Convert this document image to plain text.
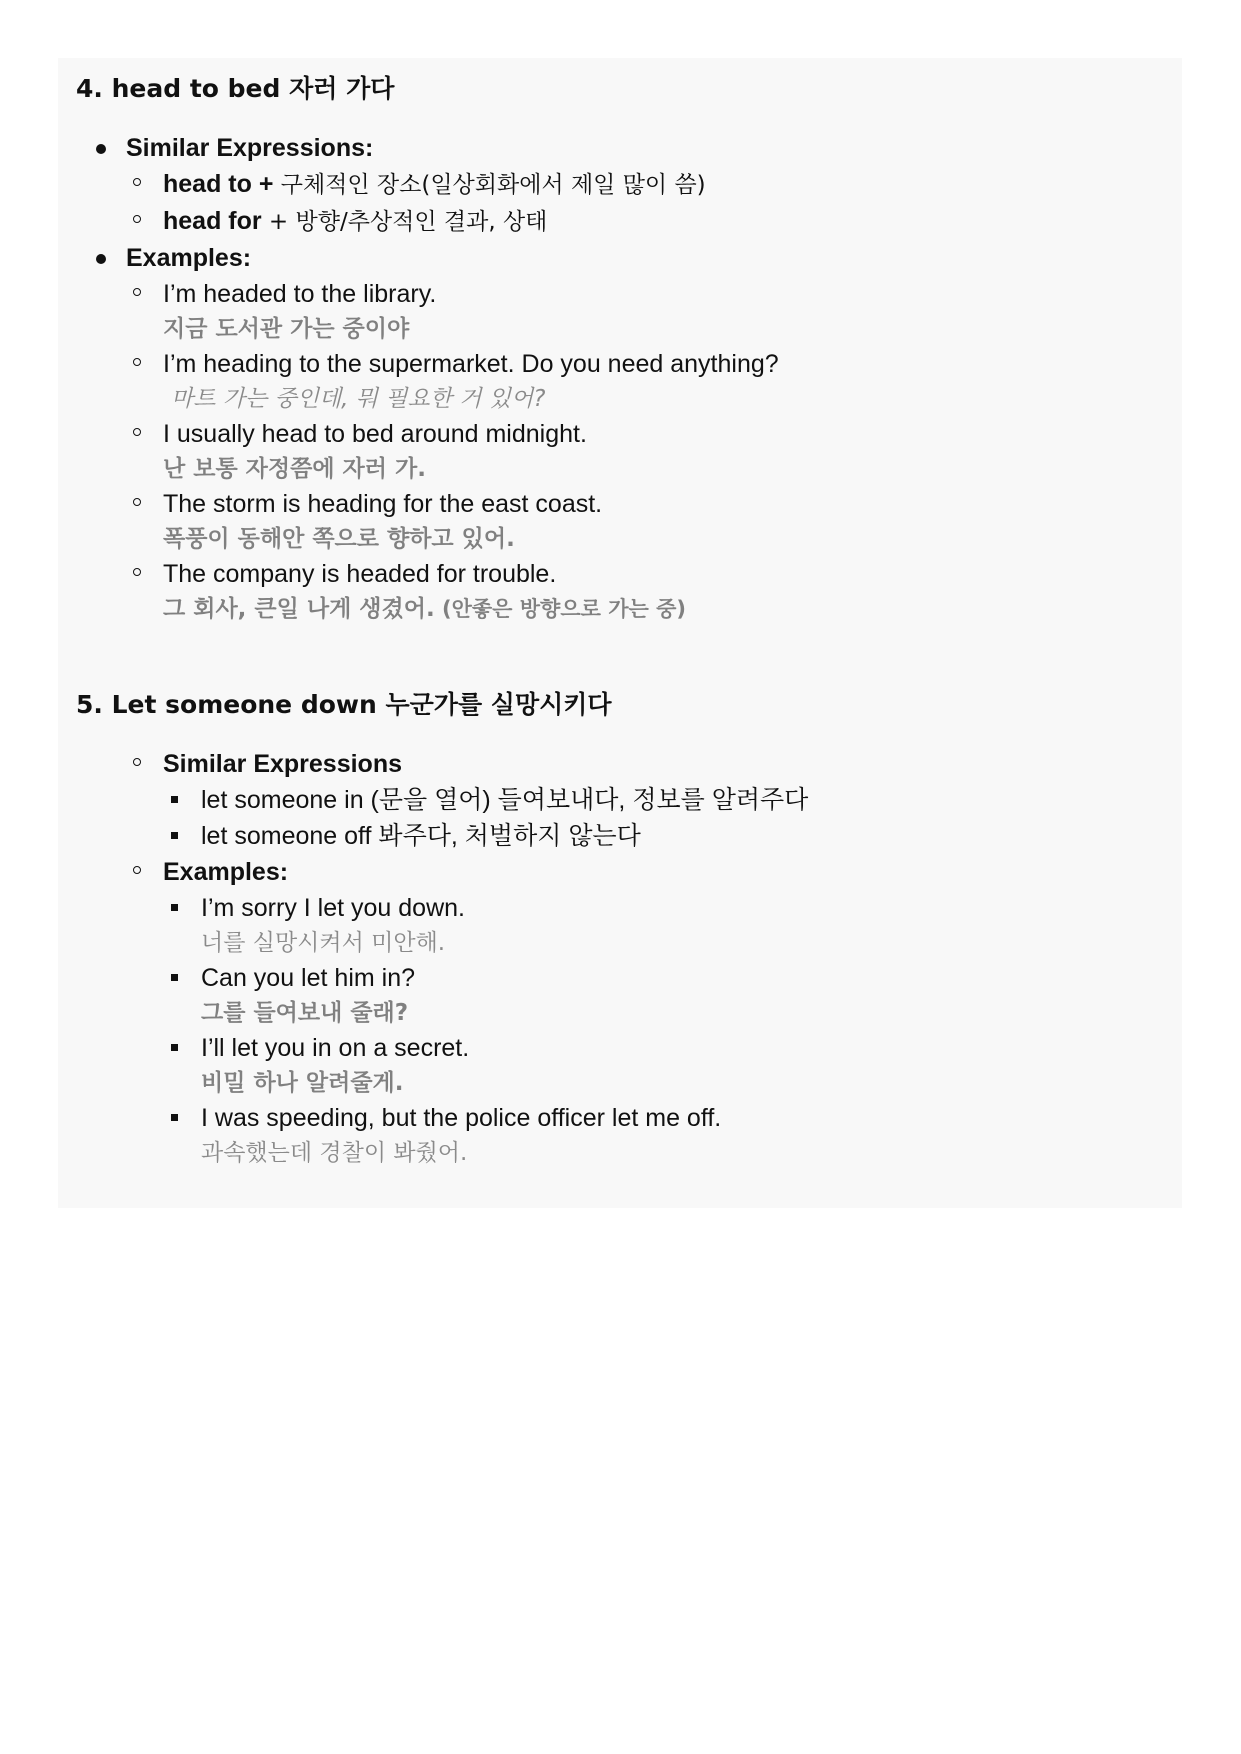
4. head to bed 자러 가다
Similar Expressions:
head to + 구체적인 장소(일상회화에서 제일 많이 씀)
head for + 방향/추상적인 결과, 상태
Examples:
I’m headed to the library.
지금 도서관 가는 중이야
I’m heading to the supermarket. Do you need anything?
마트 가는 중인데, 뭐 필요한 거 있어?
I usually head to bed around midnight.
난 보통 자정쯤에 자러 가.
The storm is heading for the east coast.
폭풍이 동해안 쪽으로 향하고 있어.
The company is headed for trouble.
그 회사, 큰일 나게 생겼어. (안좋은 방향으로 가는 중)
5. Let someone down 누군가를 실망시키다
Similar Expressions
let someone in (문을 열어) 들여보내다, 정보를 알려주다
let someone off 봐주다, 처벌하지 않는다
Examples:
I’m sorry I let you down.
너를 실망시켜서 미안해.
Can you let him in?
그를 들여보내 줄래?
I’ll let you in on a secret.
비밀 하나 알려줄게.
I was speeding, but the police officer let me off.
과속했는데 경찰이 봐줬어.
